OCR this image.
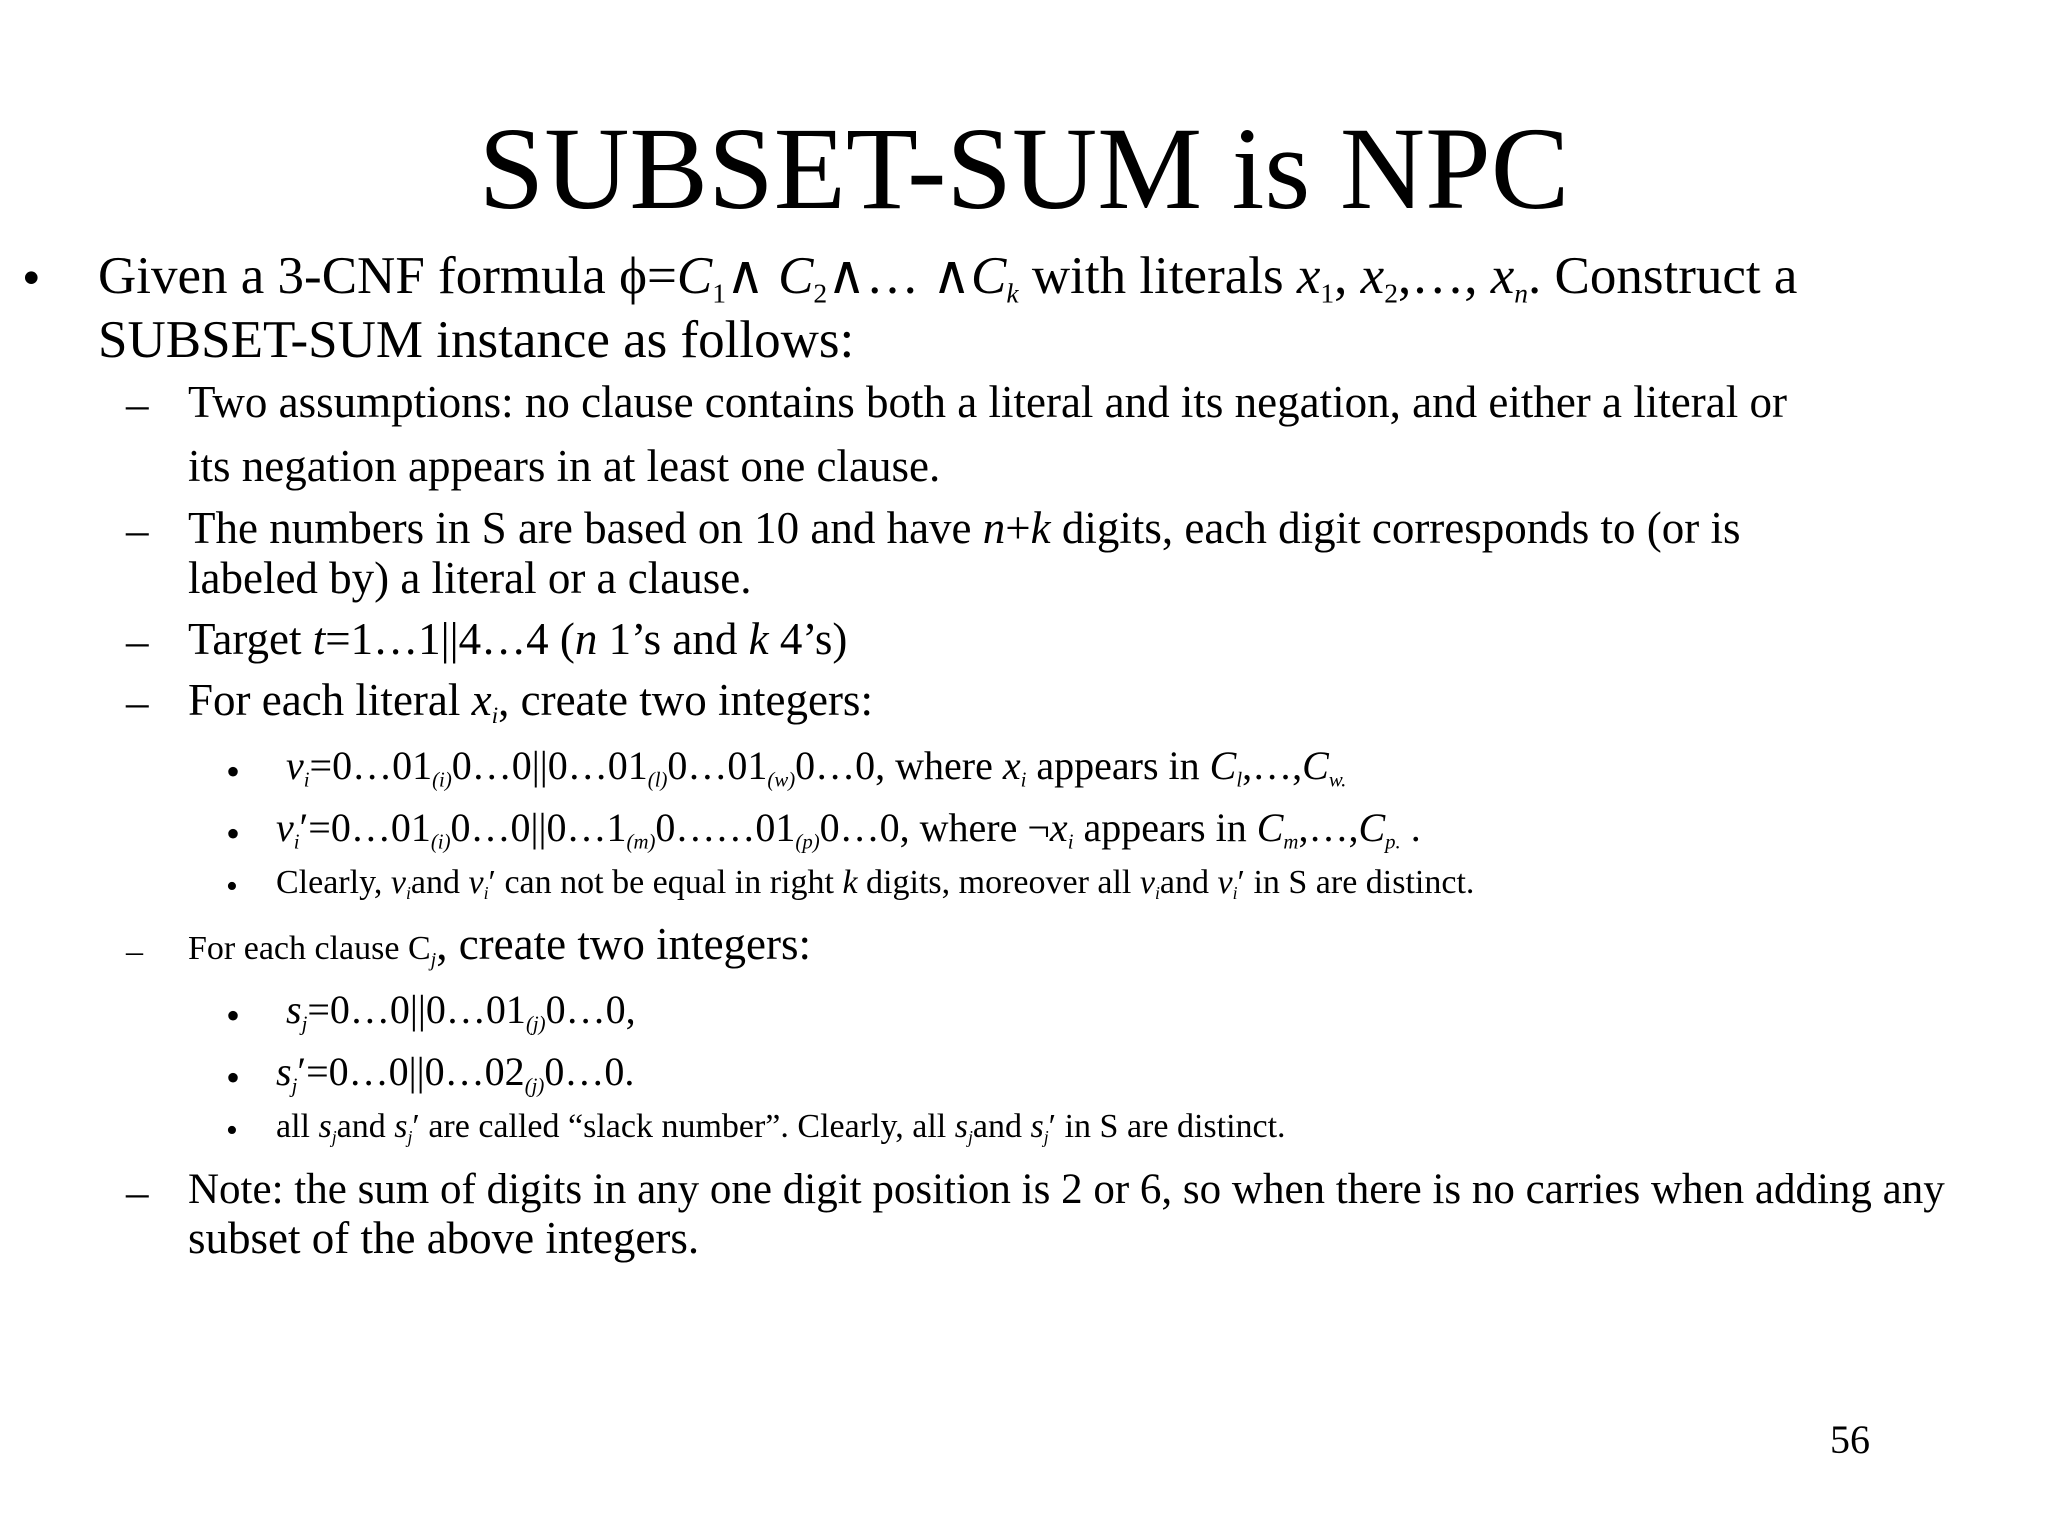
SUBSET-SUM is NPC
• Given a 3-CNF formula ϕ=C1∧ C2∧… $\wedge C_k$ with literals x1, x2,…, $x_n$. Construct a
SUBSET-SUM instance as follows:
– Two assumptions: no clause contains both a literal and its negation, and either a literal or
its negation appears in at least one clause.
– The numbers in S are based on 10 and have n+k digits, each digit corresponds to (or is
labeled by) a literal or a clause.
– Target t=1…1||4…4 (n 1’s and k 4’s)
– For each literal $x_i$, create two integers:
• $v_i=0\dots 01_{(i)}0\dots 0||0\dots 01_{(l)}0\dots 01_{(w)}0\dots 0$, where $x_i$ appears in $C_l,\dots,C_{w.}$
• $v_i'=0\dots 01_{(i)}0\dots 0||0\dots 1_{(m)}0\dots\dots 01_{(p)}0\dots 0$, where $\neg x_i$ appears in $C_m,\dots,C_{p.}$ .
• Clearly, $v_iand$ $v_i'$ can not be equal in right k digits, moreover all $v_iand$ $v_i'$ in S are distinct.
– For each clause Cj, create two integers:
• $s_j=0\dots 0||0\dots 01_{(j)}0\dots 0$,
• $s_j'=0\dots 0||0\dots 02_{(j)}0\dots 0$.
• all $s_jand$ $s_j'$ are called “slack number”. Clearly, all $s_jand$ $s_j'$ in S are distinct.
– Note: the sum of digits in any one digit position is 2 or 6, so when there is no carries when adding any
subset of the above integers.
56
